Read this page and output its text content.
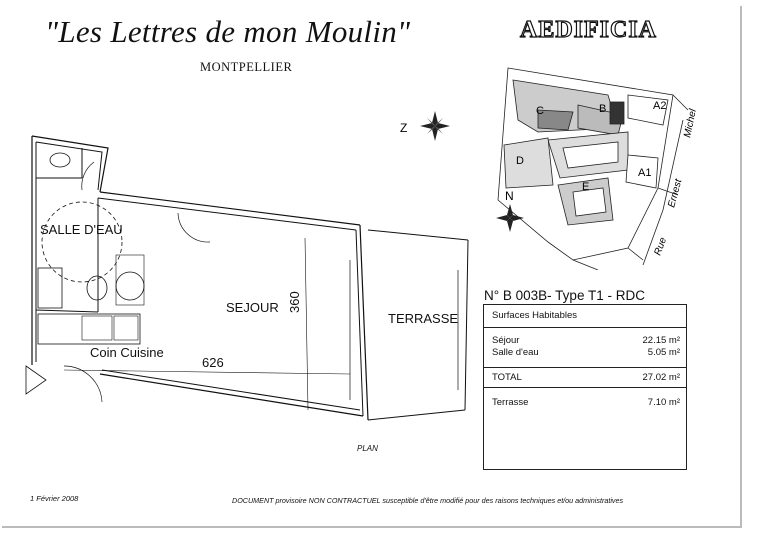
"Les Lettres de mon Moulin"	AEDIFICIA
MONTPELLIER
Z
A2
A1
B
C
D
E
Michel
Ernest
Rue
N
SALLE D'EAU
SEJOUR
TERRASSE
Coin Cuisine
626
360
PLAN
N° B 003B- Type T1 - RDC
Surfaces Habitables
Séjour	22.15 m²
Salle d'eau	5.05 m²
TOTAL	27.02 m²
Terrasse	7.10 m²
1 Février 2008	DOCUMENT provisoire NON CONTRACTUEL susceptible d'être modifié pour des raisons techniques et/ou administratives
